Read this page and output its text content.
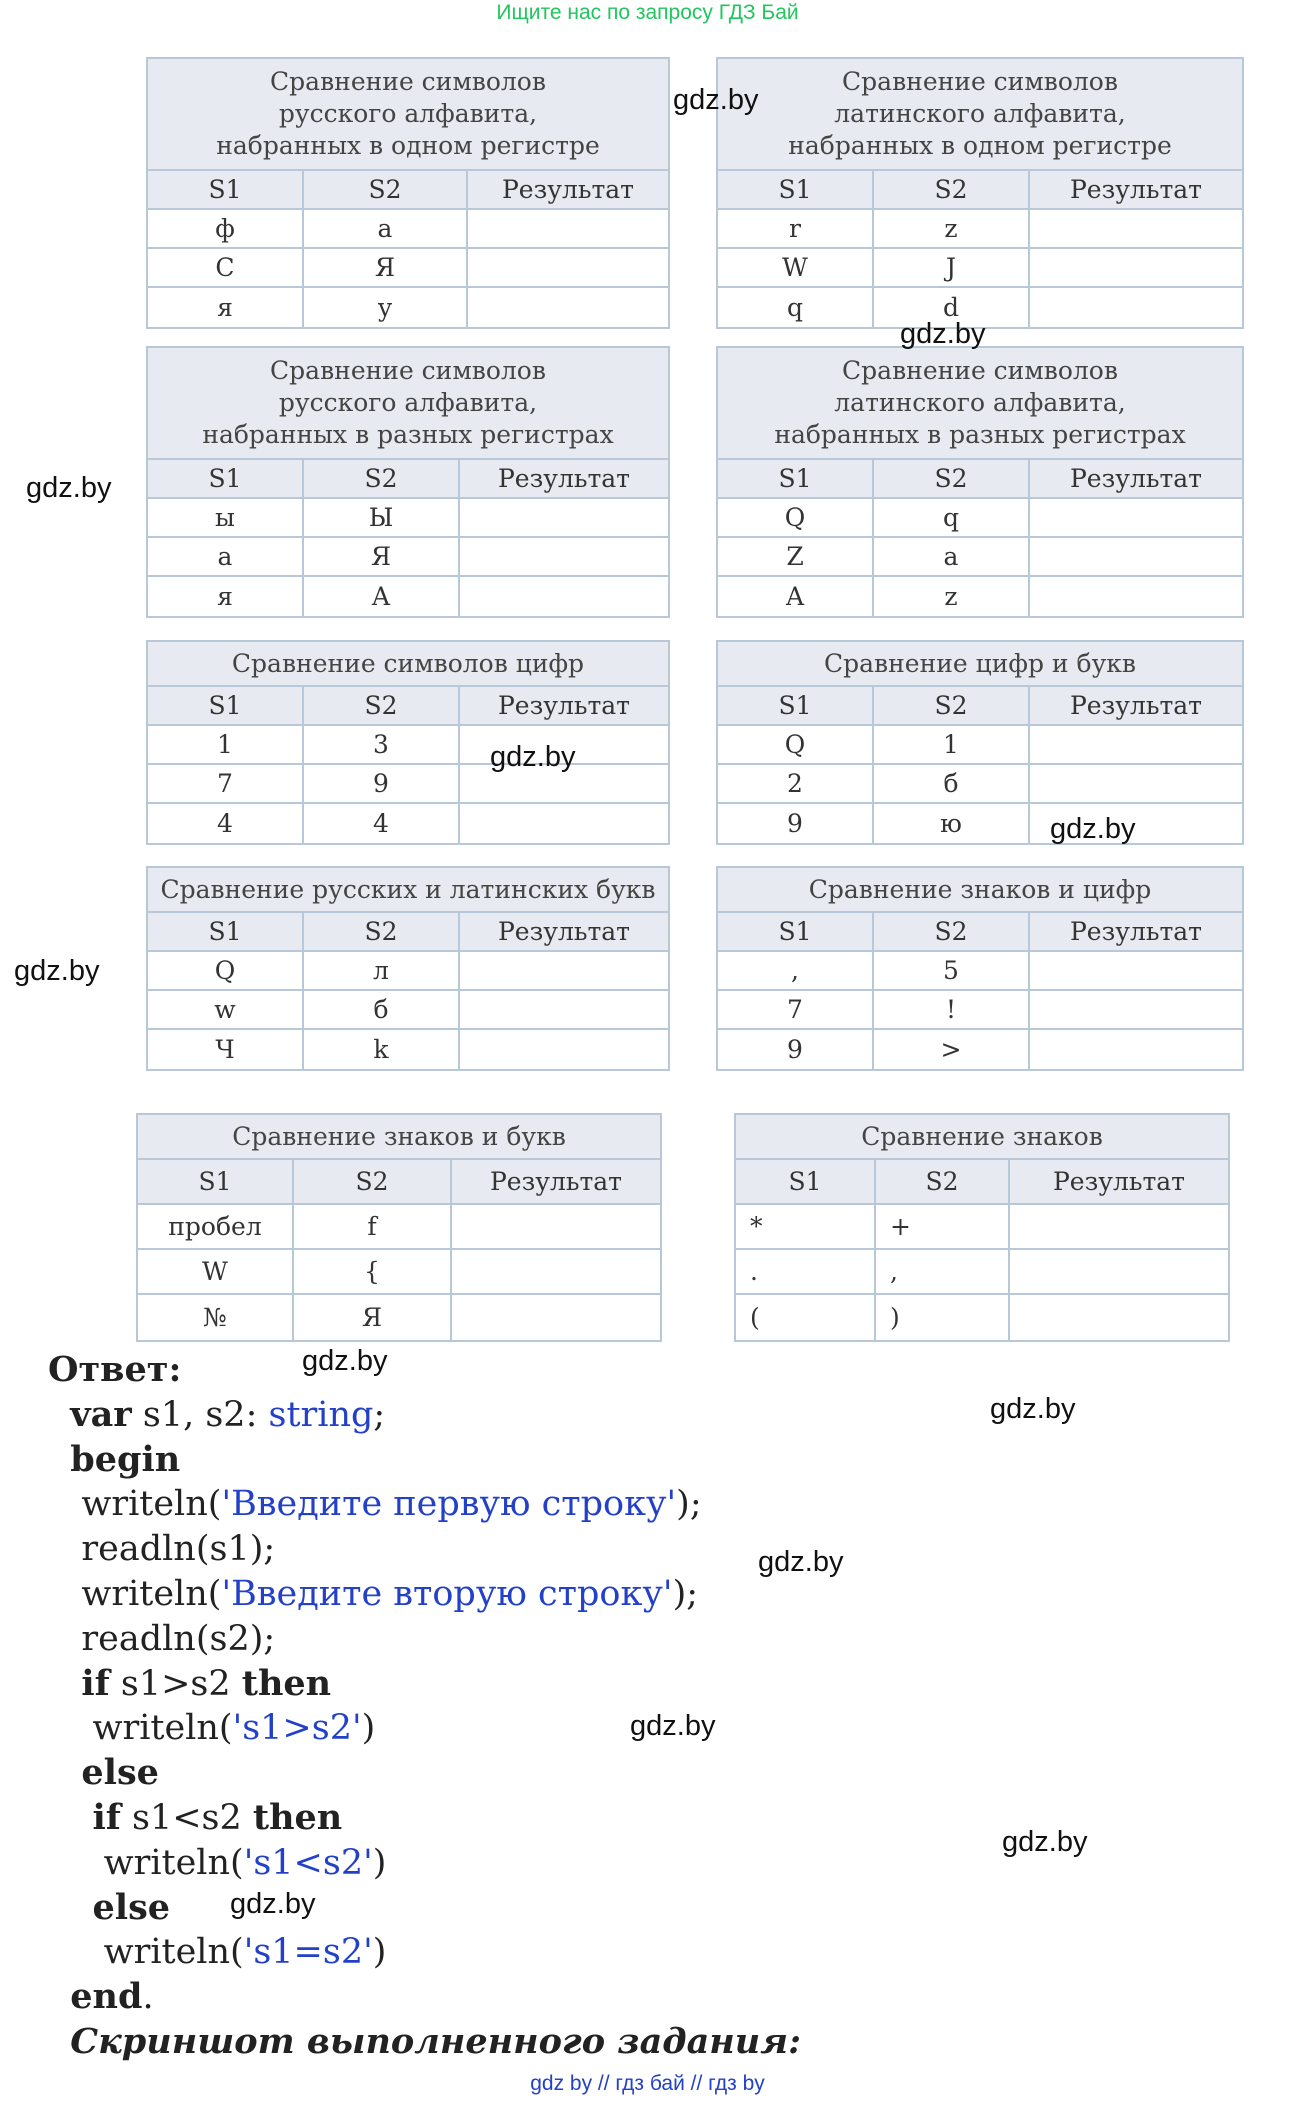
Ищите нас по запросу ГДЗ Бай
Сравнение символов
русского алфавита,
набранных в одном регистре
S1	S2	Результат
ф	а
С	Я
я	у
Сравнение символов
латинского алфавита,
набранных в одном регистре
S1	S2	Результат
r	z
W	J
q	d
Сравнение символов
русского алфавита,
набранных в разных регистрах
S1	S2	Результат
ы	Ы
а	Я
я	А
Сравнение символов
латинского алфавита,
набранных в разных регистрах
S1	S2	Результат
Q	q
Z	a
A	z
Сравнение символов цифр
S1	S2	Результат
1	3
7	9
4	4
Сравнение цифр и букв
S1	S2	Результат
Q	1
2	б
9	ю
Сравнение русских и латинских букв
S1	S2	Результат
Q	л
w	б
Ч	k
Сравнение знаков и цифр
S1	S2	Результат
,	5
7	!
9	>
Сравнение знаков и букв
S1	S2	Результат
пробел	f
W	{
№	Я
Сравнение знаков
S1	S2	Результат
*	+
.	,
(	)
gdz.by
gdz.by
gdz.by
gdz.by
gdz.by
gdz.by
gdz.by
gdz.by
gdz.by
gdz.by
gdz.by
gdz.by
Ответ:
var s1, s2: string;
begin
writeln('Введите первую строку');
readln(s1);
writeln('Введите вторую строку');
readln(s2);
if s1>s2 then
writeln('s1>s2')
else
if s1<s2 then
writeln('s1<s2')
else
writeln('s1=s2')
end.
Скриншот выполненного задания:
gdz by // гдз бай // гдз by
